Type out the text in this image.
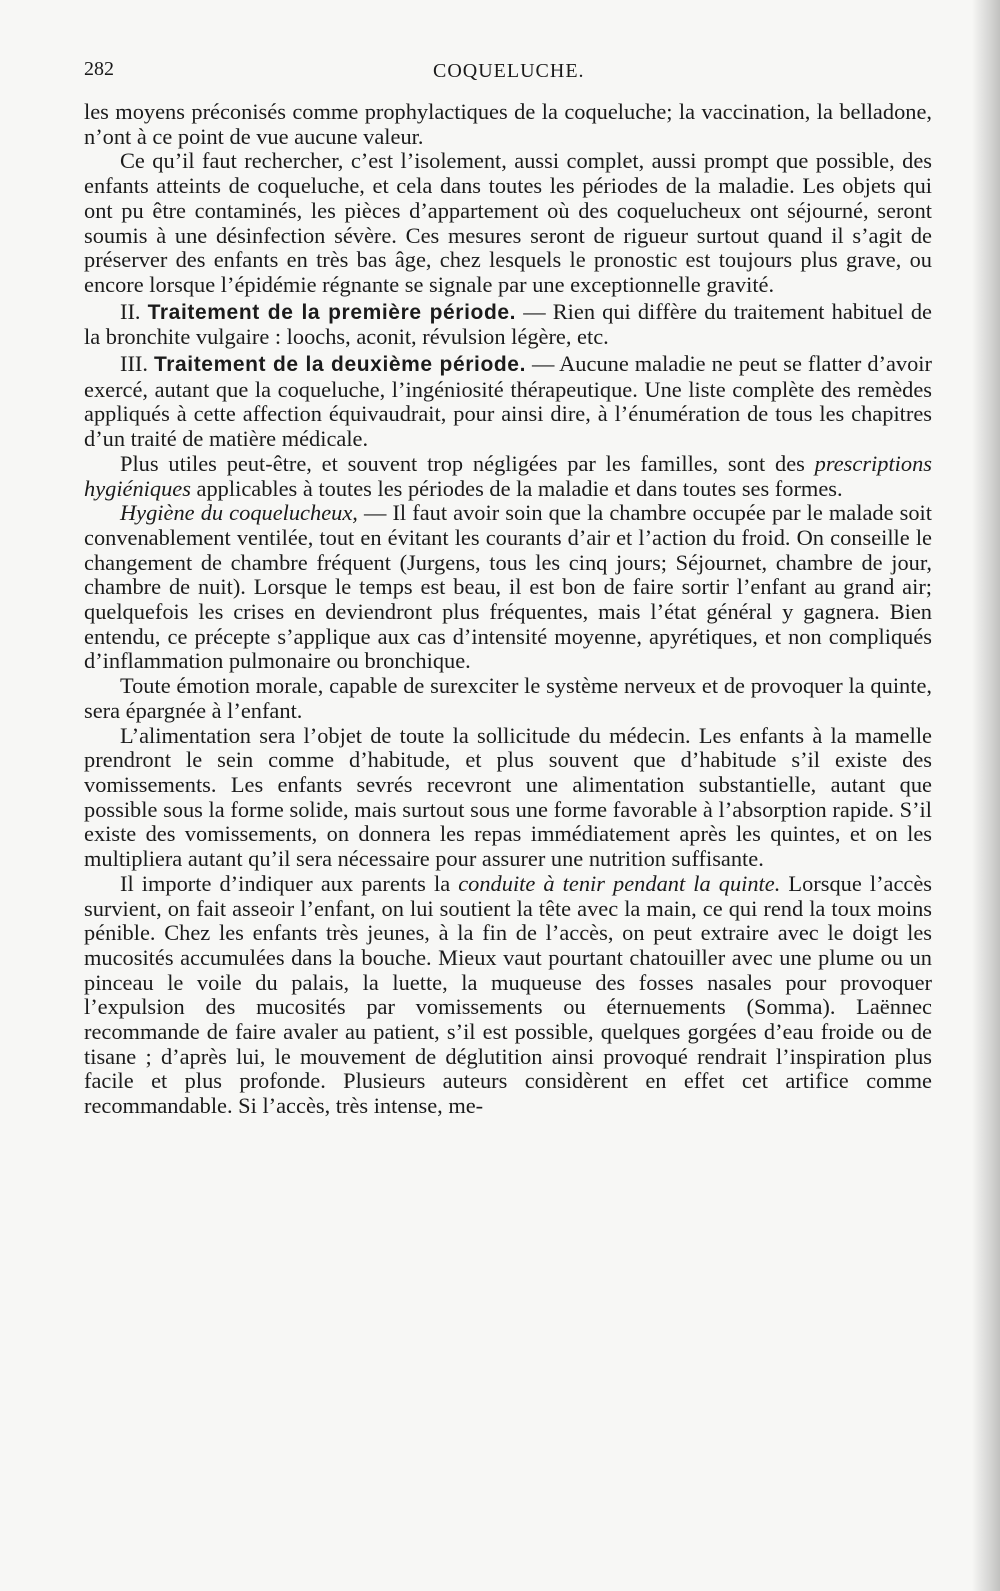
282	COQUELUCHE.

les moyens préconisés comme prophylactiques de la coqueluche; la vaccination, la belladone, n’ont à ce point de vue aucune valeur.

Ce qu’il faut rechercher, c’est l’isolement, aussi complet, aussi prompt que possible, des enfants atteints de coqueluche, et cela dans toutes les périodes de la maladie. Les objets qui ont pu être contaminés, les pièces d’appartement où des coquelucheux ont séjourné, seront soumis à une désinfection sévère. Ces mesures seront de rigueur surtout quand il s’agit de préserver des enfants en très bas âge, chez lesquels le pronostic est toujours plus grave, ou encore lorsque l’épidémie régnante se signale par une exceptionnelle gravité.

II. Traitement de la première période. — Rien qui diffère du traitement habituel de la bronchite vulgaire : loochs, aconit, révulsion légère, etc.

III. Traitement de la deuxième période. — Aucune maladie ne peut se flatter d’avoir exercé, autant que la coqueluche, l’ingéniosité thérapeutique. Une liste complète des remèdes appliqués à cette affection équivaudrait, pour ainsi dire, à l’énumération de tous les chapitres d’un traité de matière médicale.

Plus utiles peut-être, et souvent trop négligées par les familles, sont des prescriptions hygiéniques applicables à toutes les périodes de la maladie et dans toutes ses formes.

Hygiène du coquelucheux, — Il faut avoir soin que la chambre occupée par le malade soit convenablement ventilée, tout en évitant les courants d’air et l’action du froid. On conseille le changement de chambre fréquent (Jurgens, tous les cinq jours; Séjournet, chambre de jour, chambre de nuit). Lorsque le temps est beau, il est bon de faire sortir l’enfant au grand air; quelquefois les crises en deviendront plus fréquentes, mais l’état général y gagnera. Bien entendu, ce précepte s’applique aux cas d’intensité moyenne, apyrétiques, et non compliqués d’inflammation pulmonaire ou bronchique.

Toute émotion morale, capable de surexciter le système nerveux et de provoquer la quinte, sera épargnée à l’enfant.

L’alimentation sera l’objet de toute la sollicitude du médecin. Les enfants à la mamelle prendront le sein comme d’habitude, et plus souvent que d’habitude s’il existe des vomissements. Les enfants sevrés recevront une alimentation substantielle, autant que possible sous la forme solide, mais surtout sous une forme favorable à l’absorption rapide. S’il existe des vomissements, on donnera les repas immédiatement après les quintes, et on les multipliera autant qu’il sera nécessaire pour assurer une nutrition suffisante.

Il importe d’indiquer aux parents la conduite à tenir pendant la quinte. Lorsque l’accès survient, on fait asseoir l’enfant, on lui soutient la tête avec la main, ce qui rend la toux moins pénible. Chez les enfants très jeunes, à la fin de l’accès, on peut extraire avec le doigt les mucosités accumulées dans la bouche. Mieux vaut pourtant chatouiller avec une plume ou un pinceau le voile du palais, la luette, la muqueuse des fosses nasales pour provoquer l’expulsion des mucosités par vomissements ou éternuements (Somma). Laënnec recommande de faire avaler au patient, s’il est possible, quelques gorgées d’eau froide ou de tisane ; d’après lui, le mouvement de déglutition ainsi provoqué rendrait l’inspiration plus facile et plus profonde. Plusieurs auteurs considèrent en effet cet artifice comme recommandable. Si l’accès, très intense, me-
